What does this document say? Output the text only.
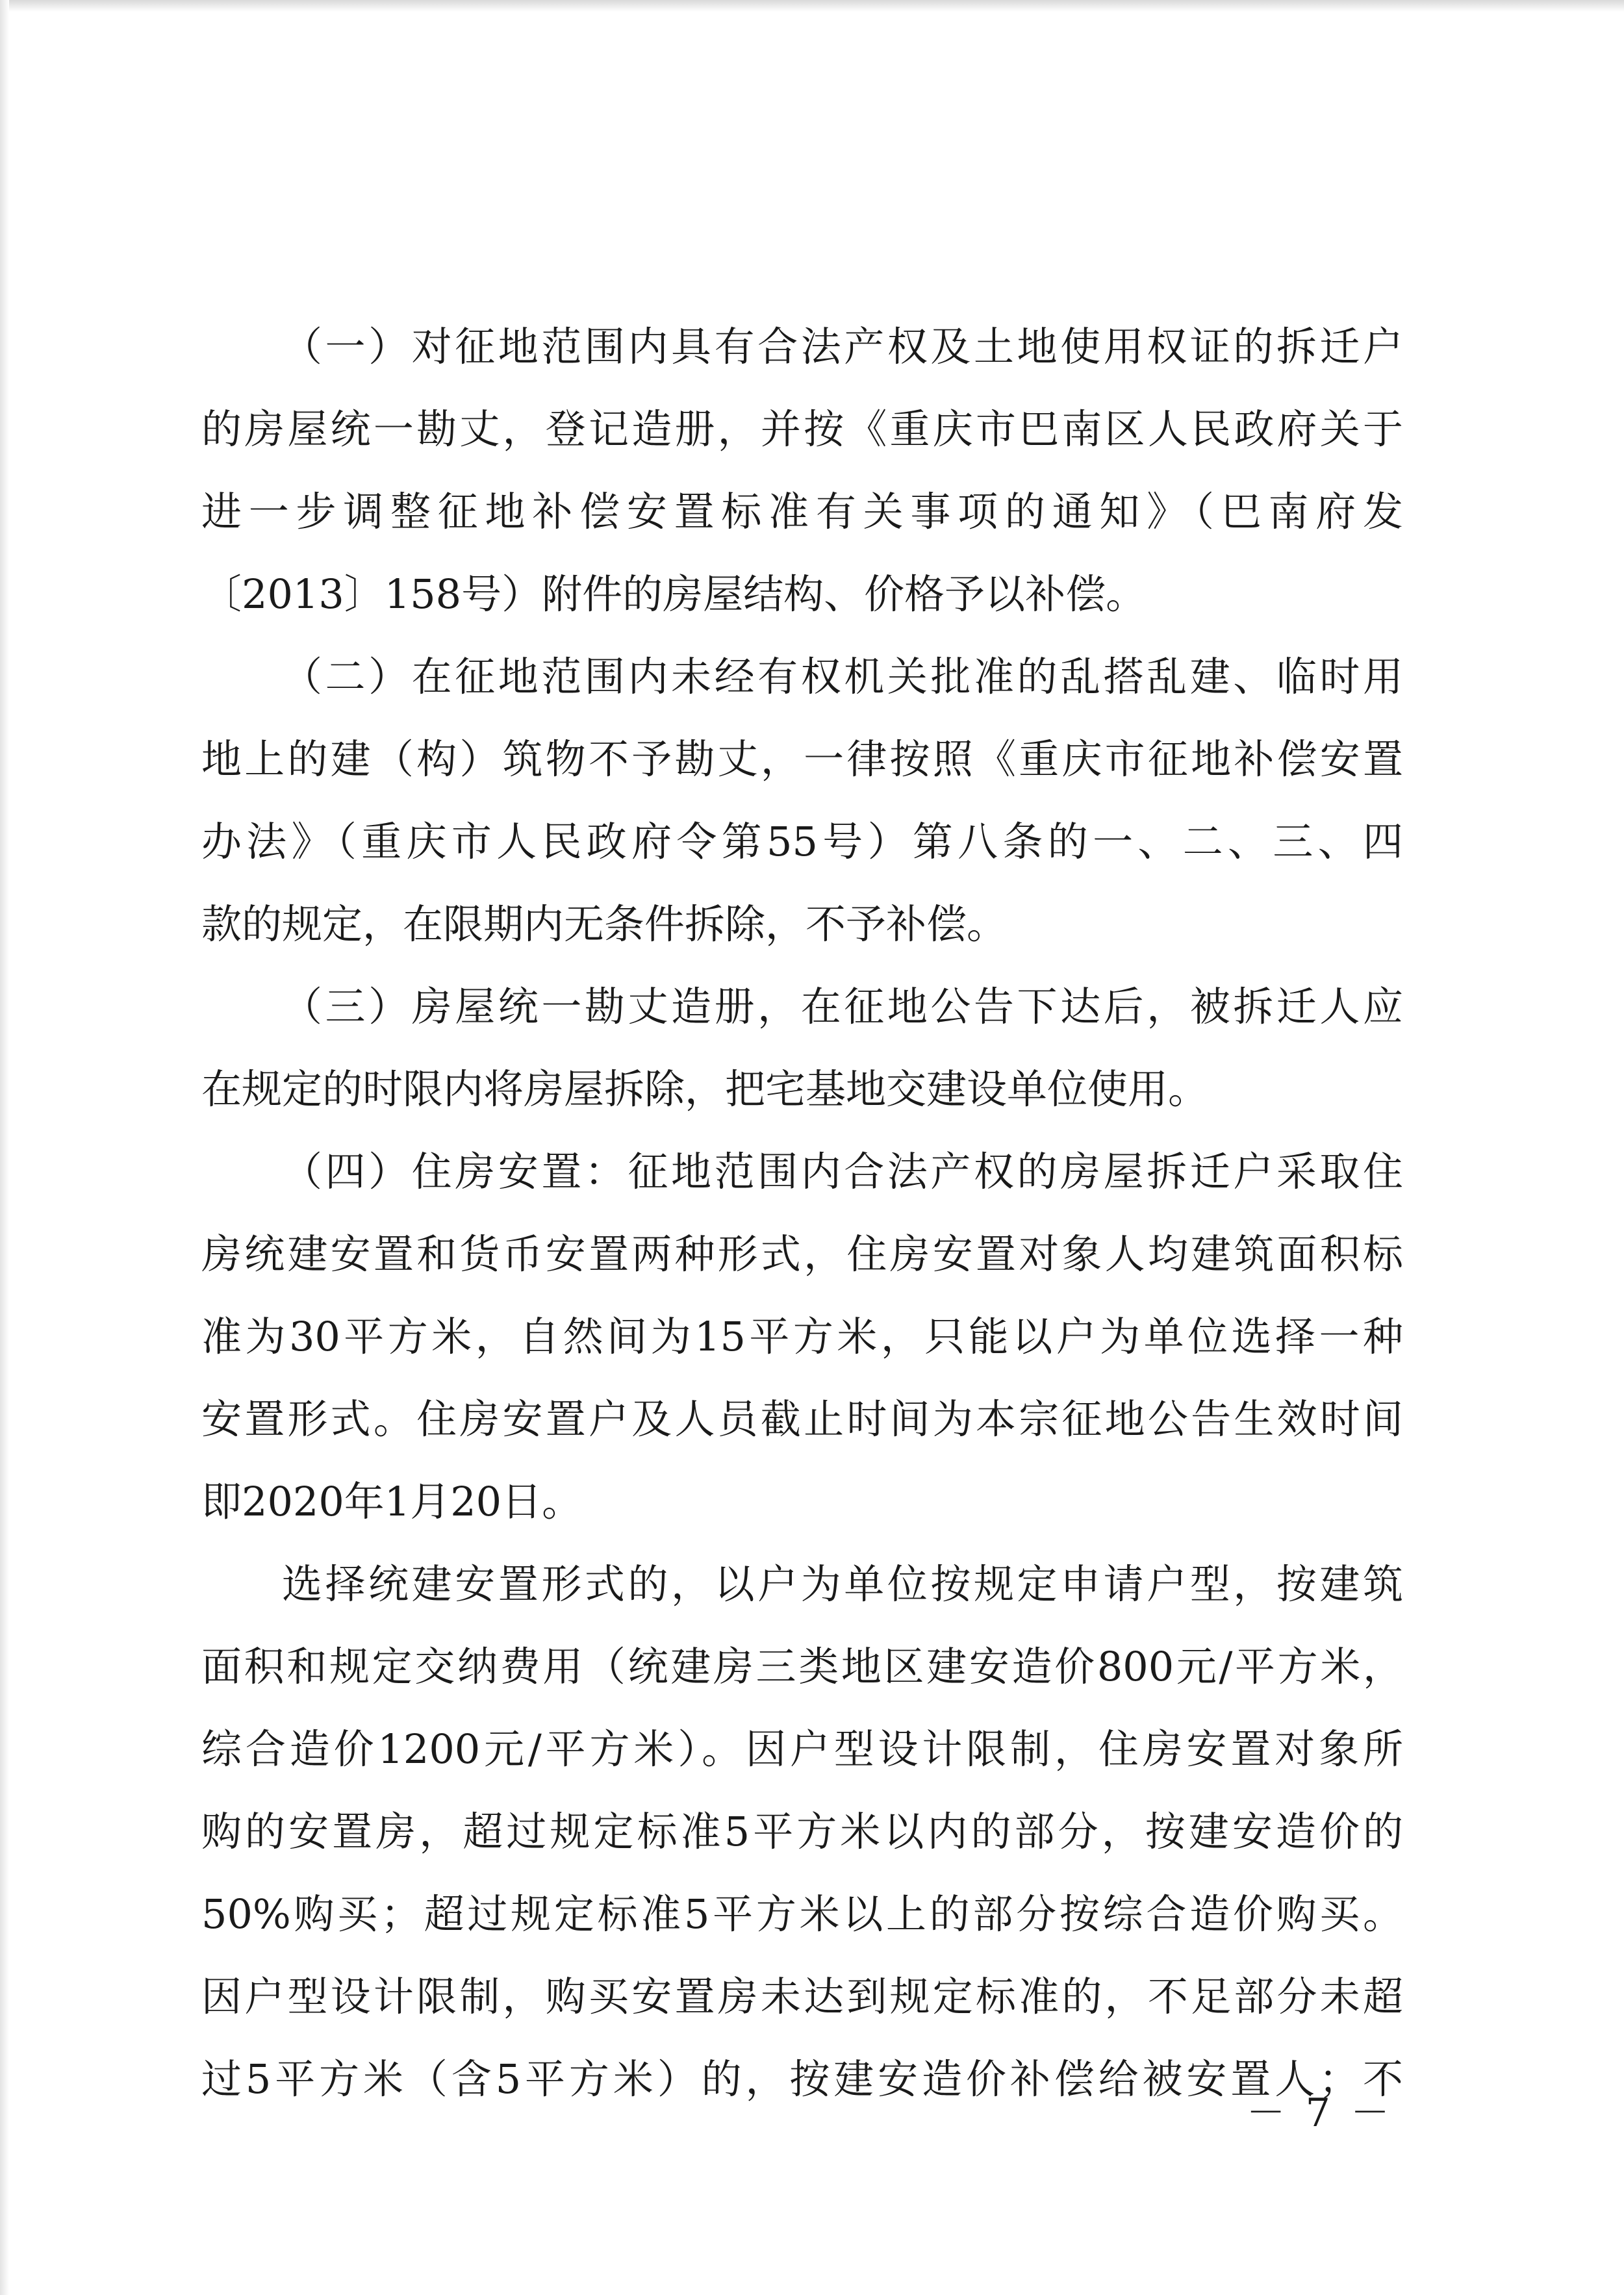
（一）对征地范围内具有合法产权及土地使用权证的拆迁户
的房屋统一勘丈，登记造册，并按《重庆市巴南区人民政府关于
进一步调整征地补偿安置标准有关事项的通知》（巴南府发
〔2013〕158号）附件的房屋结构、价格予以补偿。
（二）在征地范围内未经有权机关批准的乱搭乱建、临时用
地上的建（构）筑物不予勘丈，一律按照《重庆市征地补偿安置
办法》（重庆市人民政府令第55号）第八条的一、二、三、四
款的规定，在限期内无条件拆除，不予补偿。
（三）房屋统一勘丈造册，在征地公告下达后，被拆迁人应
在规定的时限内将房屋拆除，把宅基地交建设单位使用。
（四）住房安置：征地范围内合法产权的房屋拆迁户采取住
房统建安置和货币安置两种形式，住房安置对象人均建筑面积标
准为30平方米，自然间为15平方米，只能以户为单位选择一种
安置形式。住房安置户及人员截止时间为本宗征地公告生效时间
即2020年1月20日。
选择统建安置形式的，以户为单位按规定申请户型，按建筑
面积和规定交纳费用（统建房三类地区建安造价800元/平方米，
综合造价1200元/平方米）。因户型设计限制，住房安置对象所
购的安置房，超过规定标准5平方米以内的部分，按建安造价的
50%购买；超过规定标准5平方米以上的部分按综合造价购买。
因户型设计限制，购买安置房未达到规定标准的，不足部分未超
过5平方米（含5平方米）的，按建安造价补偿给被安置人；不
－ 7 －
